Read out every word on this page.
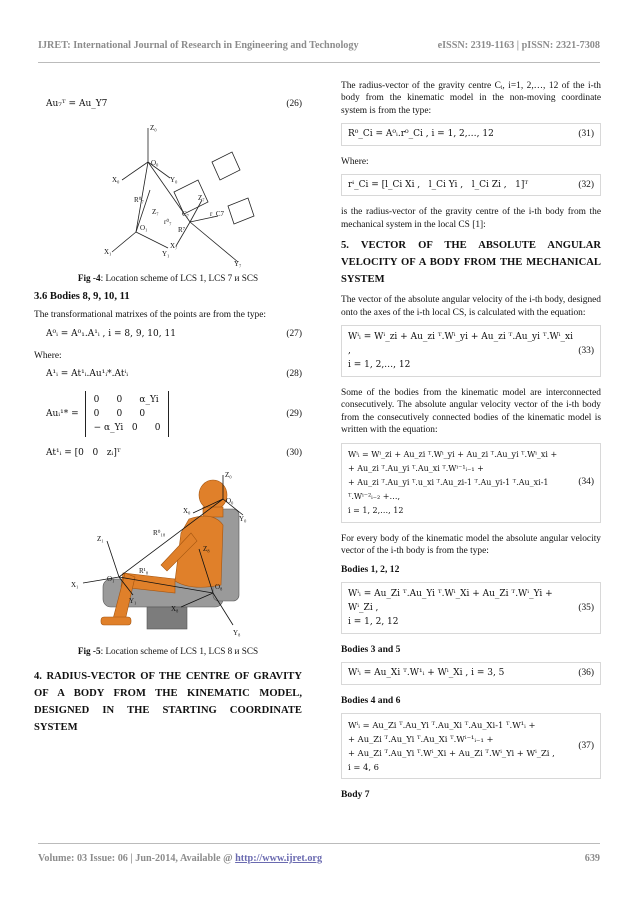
IJRET: International Journal of Research in Engineering and Technology	eISSN: 2319-1163 | pISSN: 2321-7308
Au₇ᵀ = Au_Y7	(26)
Z₀
O₀
X₀	Y₀
R⁰₇
Z₇
O₁
X₁	Y₁
r⁰₇
R⁷
C₇	r_C7
Z₇
X₇
Y₇
Fig -4: Location scheme of LCS 1, LCS 7 и SCS
3.6 Bodies 8, 9, 10, 11

The transformational matrixes of the points are from the type:

A⁰ᵢ = A⁰₁.A¹ᵢ , i = 8, 9, 10, 11	(27)

Where:

A¹ᵢ = At¹ᵢ.Au¹ᵢ*.Atⁱᵢ	(28)
Auᵢ¹* =
0      0      α_Yi
0      0      0
− α_Yi   0      0
(29)
At¹ᵢ = [0   0   zᵢ]ᵀ	(30)
Z₀
O₀
X₀
Y₀
R⁰₁₈
Z₁
Z₈
R¹₈
X₁
O₁
Y₁
X₈
O₈
Y₈
Fig -5: Location scheme of LCS 1, LCS 8 и SCS
4. RADIUS-VECTOR OF THE CENTRE OF GRAVITY OF A BODY FROM THE KINEMATIC MODEL, DESIGNED IN THE STARTING COORDINATE SYSTEM

The radius-vector of the gravity centre Cᵢ, i=1, 2,…, 12 of the i-th body from the kinematic model in the non-moving coordinate system is from the type:

R⁰_Ci = A⁰ᵢ.r⁰_Ci , i = 1, 2,…, 12	(31)

Where:

rⁱ_Ci = [l_Ci Xi ,   l_Ci Yi ,   l_Ci Zi ,   1]ᵀ	(32)

is the radius-vector of the gravity centre of the i-th body from the mechanical system in the local CS [1]:

5. VECTOR OF THE ABSOLUTE ANGULAR VELOCITY OF A BODY FROM THE MECHANICAL SYSTEM

The vector of the absolute angular velocity of the i-th body, designed onto the axes of the i-th local CS, is calculated with the equation:

Wⁱᵢ = Wⁱ_zi + Au_zi ᵀ.Wⁱ_yi + Au_zi ᵀ.Au_yi ᵀ.Wⁱ_xi ,
i = 1, 2,…, 12
(33)

Some of the bodies from the kinematic model are interconnected consecutively. The absolute angular velocity vector of the i-th body from the consecutively connected bodies of the kinematic model is written with the equation:

Wⁱᵢ = Wⁱ_zi + Au_zi ᵀ.Wⁱ_yi + Au_zi ᵀ.Au_yi ᵀ.Wⁱ_xi +
+ Au_zi ᵀ.Au_yi ᵀ.Au_xi ᵀ.Wⁱ⁻¹ᵢ₋₁ +
+ Au_zi ᵀ.Au_yi ᵀ.u_xi ᵀ.Au_zi-1 ᵀ.Au_yi-1 ᵀ.Au_xi-1 ᵀ.Wⁱ⁻²ᵢ₋₂ +…,
i = 1, 2,…, 12
(34)

For every body of the kinematic model the absolute angular velocity vector of the i-th body is from the type:

Bodies 1, 2, 12
Wⁱᵢ = Au_Zi ᵀ.Au_Yi ᵀ.Wⁱ_Xi + Au_Zi ᵀ.Wⁱ_Yi + Wⁱ_Zi ,
i = 1, 2, 12
(35)
Bodies 3 and 5
Wⁱᵢ = Au_Xi ᵀ.W¹ᵢ + Wⁱ_Xi , i = 3, 5	(36)
Bodies 4 and 6
Wⁱᵢ = Au_Zi ᵀ.Au_Yi ᵀ.Au_Xi ᵀ.Au_Xi-1 ᵀ.W¹ᵢ +
+ Au_Zi ᵀ.Au_Yi ᵀ.Au_Xi ᵀ.Wⁱ⁻¹ᵢ₋₁ +
+ Au_Zi ᵀ.Au_Yi ᵀ.Wⁱ_Xi + Au_Zi ᵀ.Wⁱ_Yi + Wⁱ_Zi ,
i = 4, 6
(37)
Body 7
Volume: 03 Issue: 06 | Jun-2014, Available @ http://www.ijret.org	639
